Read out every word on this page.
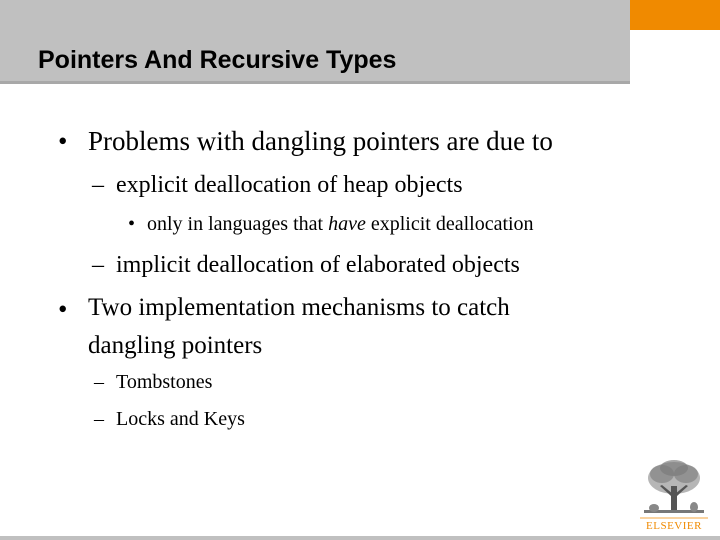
Pointers And Recursive Types
• Problems with dangling pointers are due to
– explicit deallocation of heap objects
• only in languages that have explicit deallocation
– implicit deallocation of elaborated objects
• Two implementation mechanisms to catch
dangling pointers
– Tombstones
– Locks and Keys
ELSEVIER
